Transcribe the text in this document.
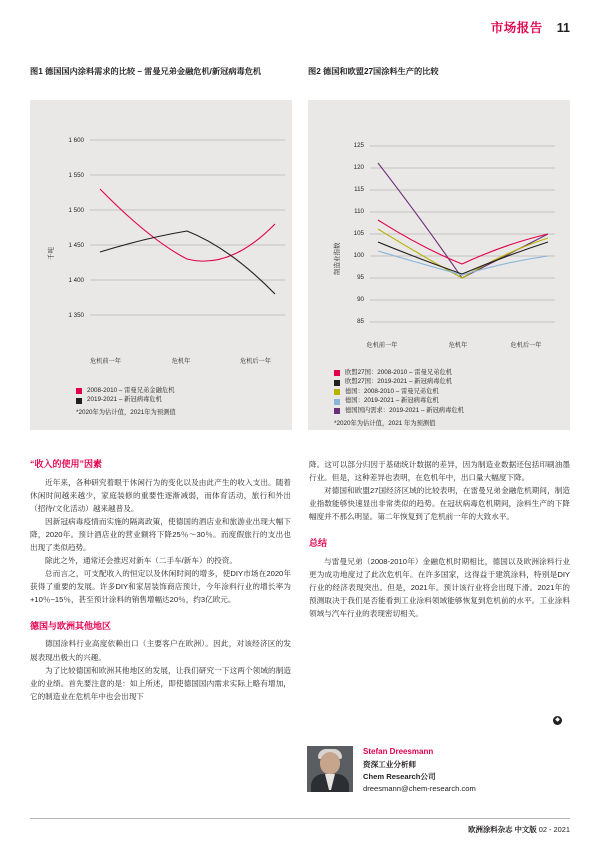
市场报告 11
图1 德国国内涂料需求的比较 – 雷曼兄弟金融危机/新冠病毒危机
千吨
1 600
1 550
1 500
1 450
1 400
1 350
危机前一年	危机年	危机后一年
2008-2010 – 雷曼兄弟金融危机
2019-2021 – 新冠病毒危机
*2020年为估计值，2021年为预测值
图2 德国和欧盟27国涂料生产的比较
制造业指数
125
120
115
110
105
100
95
90
85
危机前一年	危机年	危机后一年
欧盟27国：2008-2010 – 雷曼兄弟危机
欧盟27国：2019-2021 – 新冠病毒危机
德国：2008-2010 – 雷曼兄弟危机
德国：2019-2021 – 新冠病毒危机
德国国内需求：2019-2021 – 新冠病毒危机
*2020年为估计值，2021 年为预测值
“收入的使用”因素

近年来，各种研究着眼于休闲行为的变化以及由此产生的收入支出。随着休闲时间越来越少，家庭装修的重要性逐渐减弱，而体育活动，旅行和外出（招待/文化活动）越来越普及。

因新冠病毒疫情而实施的隔离政策，使德国的酒店业和旅游业出现大幅下降，2020年。预计酒店业的营业额将下降25％～30％。而度假旅行的支出也出现了类似趋势。

除此之外，通常还会推迟对新车（二手车/新车）的投资。

总而言之，可支配收入的恒定以及休闲时间的增多，使DIY市场在2020年获得了重要的发展。许多DIY和家居装饰商店预计，今年涂料行业的增长率为+10％~15％，甚至预计涂料的销售增幅达20％，约3亿欧元。

德国与欧洲其他地区

德国涂料行业高度依赖出口（主要客户在欧洲）。因此，对该经济区的发展表现出极大的兴趣。

为了比较德国和欧洲其他地区的发展，让我们研究一下这两个领域的制造业的业绩。首先要注意的是：如上所述，即使德国国内需求实际上略有增加，它的制造业在危机年中也会出现下

降。这可以部分归因于基础统计数据的差异，因为制造业数据还包括印刷油墨行业。但是，这种差异也表明，在危机年中，出口量大幅度下降。

对德国和欧盟27国经济区域的比较表明，在雷曼兄弟金融危机期间，制造业指数能够快速显出非常类似的趋势。在冠状病毒危机期间，涂料生产的下降幅度并不那么明显。第二年恢复到了危机前一年的大致水平。

总结

与雷曼兄弟（2008-2010年）金融危机时期相比，德国以及欧洲涂料行业更为成功地度过了此次危机年。在许多国家，这得益于建筑涂料，特别是DIY行业的经济表现突出。但是，2021年。预计该行业将会出现下滑。2021年的预测取决于我们是否能看到工业涂料领域能够恢复到危机前的水平。工业涂料领域与汽车行业的表现密切相关。

◆
Stefan Dreesmann
资深工业分析师
Chem Research公司
dreesmann@chem-research.com
欧洲涂料杂志 中文版 02 - 2021
